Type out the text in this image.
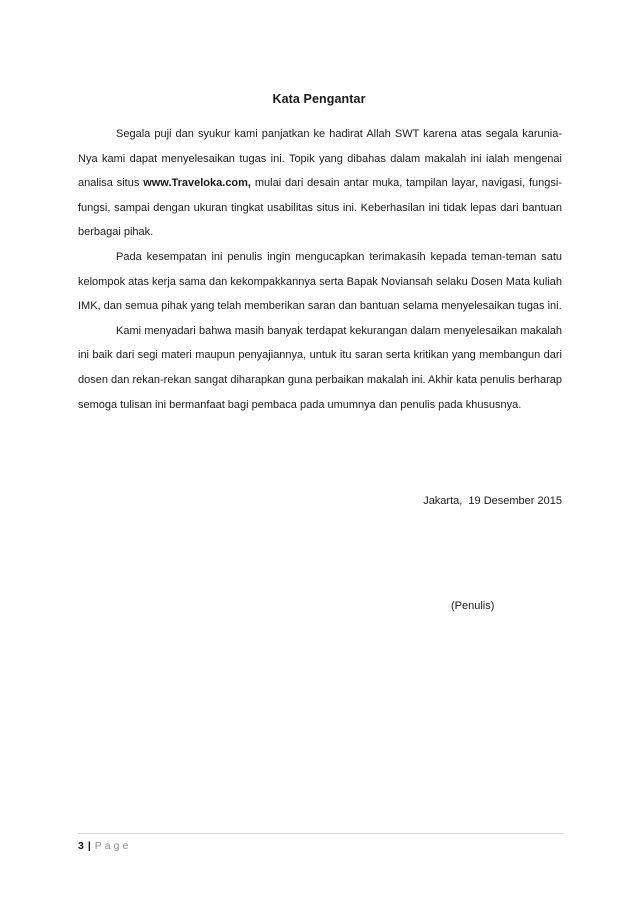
Kata Pengantar

Segala puji dan syukur kami panjatkan ke hadirat Allah SWT karena atas segala karunia-Nya kami dapat menyelesaikan tugas ini. Topik yang dibahas dalam makalah ini ialah mengenai analisa situs www.Traveloka.com, mulai dari desain antar muka, tampilan layar, navigasi, fungsi-fungsi, sampai dengan ukuran tingkat usabilitas situs ini. Keberhasilan ini tidak lepas dari bantuan berbagai pihak.

Pada kesempatan ini penulis ingin mengucapkan terimakasih kepada teman-teman satu kelompok atas kerja sama dan kekompakkannya serta Bapak Noviansah selaku Dosen Mata kuliah IMK, dan semua pihak yang telah memberikan saran dan bantuan selama menyelesaikan tugas ini.

Kami menyadari bahwa masih banyak terdapat kekurangan dalam menyelesaikan makalah ini baik dari segi materi maupun penyajiannya, untuk itu saran serta kritikan yang membangun dari dosen dan rekan-rekan sangat diharapkan guna perbaikan makalah ini. Akhir kata penulis berharap semoga tulisan ini bermanfaat bagi pembaca pada umumnya dan penulis pada khususnya.

Jakarta,  19 Desember 2015
(Penulis)
3 | Page
